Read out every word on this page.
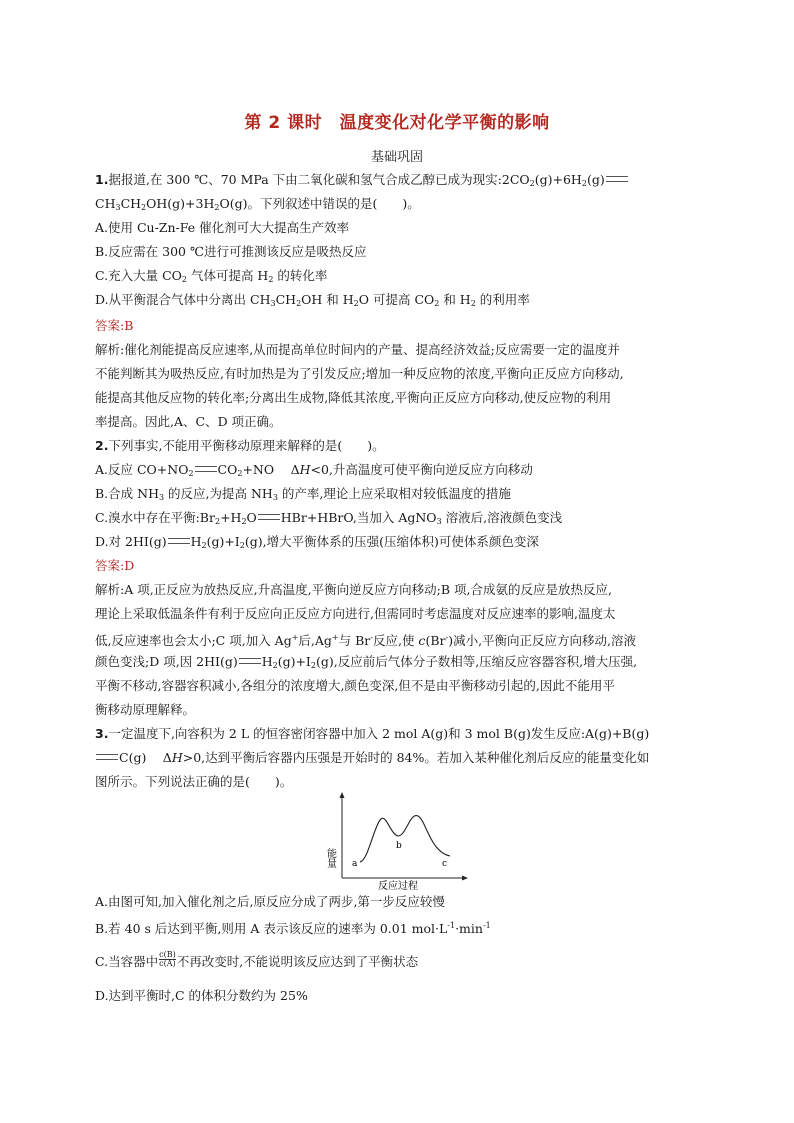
第 2 课时　温度变化对化学平衡的影响
基础巩固
1.据报道,在 300 ℃、70 MPa 下由二氧化碳和氢气合成乙醇已成为现实$:2CO_2(g)+6H_2(g)$
$CH_3CH_2OH(g)+3H_2O(g)$。下列叙述中错误的是(　　)。
A.使用 Cu-Zn-Fe 催化剂可大大提高生产效率
B.反应需在 300 ℃进行可推测该反应是吸热反应
C.充入大量 $CO_2$ 气体可提高 $H_2$ 的转化率
D.从平衡混合气体中分离出 $CH_3CH_2OH$ 和 $H_2O$ 可提高 $CO_2$ 和 $H_2$ 的利用率
答案:B
解析:催化剂能提高反应速率,从而提高单位时间内的产量、提高经济效益;反应需要一定的温度并
不能判断其为吸热反应,有时加热是为了引发反应;增加一种反应物的浓度,平衡向正反应方向移动,
能提高其他反应物的转化率;分离出生成物,降低其浓度,平衡向正反应方向移动,使反应物的利用
率提高。因此,A、C、D 项正确。
2.下列事实,不能用平衡移动原理来解释的是(　　)。
A.反应 $CO+NO_2$ $CO_2+NO$　 ΔH<0,升高温度可使平衡向逆反应方向移动
B.合成 $NH_3$ 的反应,为提高 $NH_3$ 的产率,理论上应采取相对较低温度的措施
C.溴水中存在平衡$:Br_2+H_2O$ HBr+HBrO,当加入 AgNO$_3$ 溶液后,溶液颜色变浅
D.对 2HI(g) $H_2(g)+I_2(g)$,增大平衡体系的压强(压缩体积)可使体系颜色变深
答案:D
解析:A 项,正反应为放热反应,升高温度,平衡向逆反应方向移动;B 项,合成氨的反应是放热反应,
理论上采取低温条件有利于反应向正反应方向进行,但需同时考虑温度对反应速率的影响,温度太
低,反应速率也会太小;C 项,加入 Ag+后,Ag+与 Br-反应,使 c(Br-)减小,平衡向正反应方向移动,溶液
颜色变浅;D 项,因 2HI(g) $H_2(g)+I_2(g)$,反应前后气体分子数相等,压缩反应容器容积,增大压强,
平衡不移动,容器容积减小,各组分的浓度增大,颜色变深,但不是由平衡移动引起的,因此不能用平
衡移动原理解释。
3.一定温度下,向容积为 2 L 的恒容密闭容器中加入 2 mol A(g)和 3 mol B(g)发生反应:A(g)+B(g)
C(g)　 ΔH>0,达到平衡后容器内压强是开始时的 84%。若加入某种催化剂后反应的能量变化如
图所示。下列说法正确的是(　　)。
能量
反应过程
a
b
c
A.由图可知,加入催化剂之后,原反应分成了两步,第一步反应较慢
B.若 40 s 后达到平衡,则用 A 表示该反应的速率为 0.01 $mol\cdot L^{-1}\cdot\min^{-1}$
C.当容器中 $\frac{c(B)}{c(A)}$ 不再改变时,不能说明该反应达到了平衡状态
D.达到平衡时,C 的体积分数约为 25%
